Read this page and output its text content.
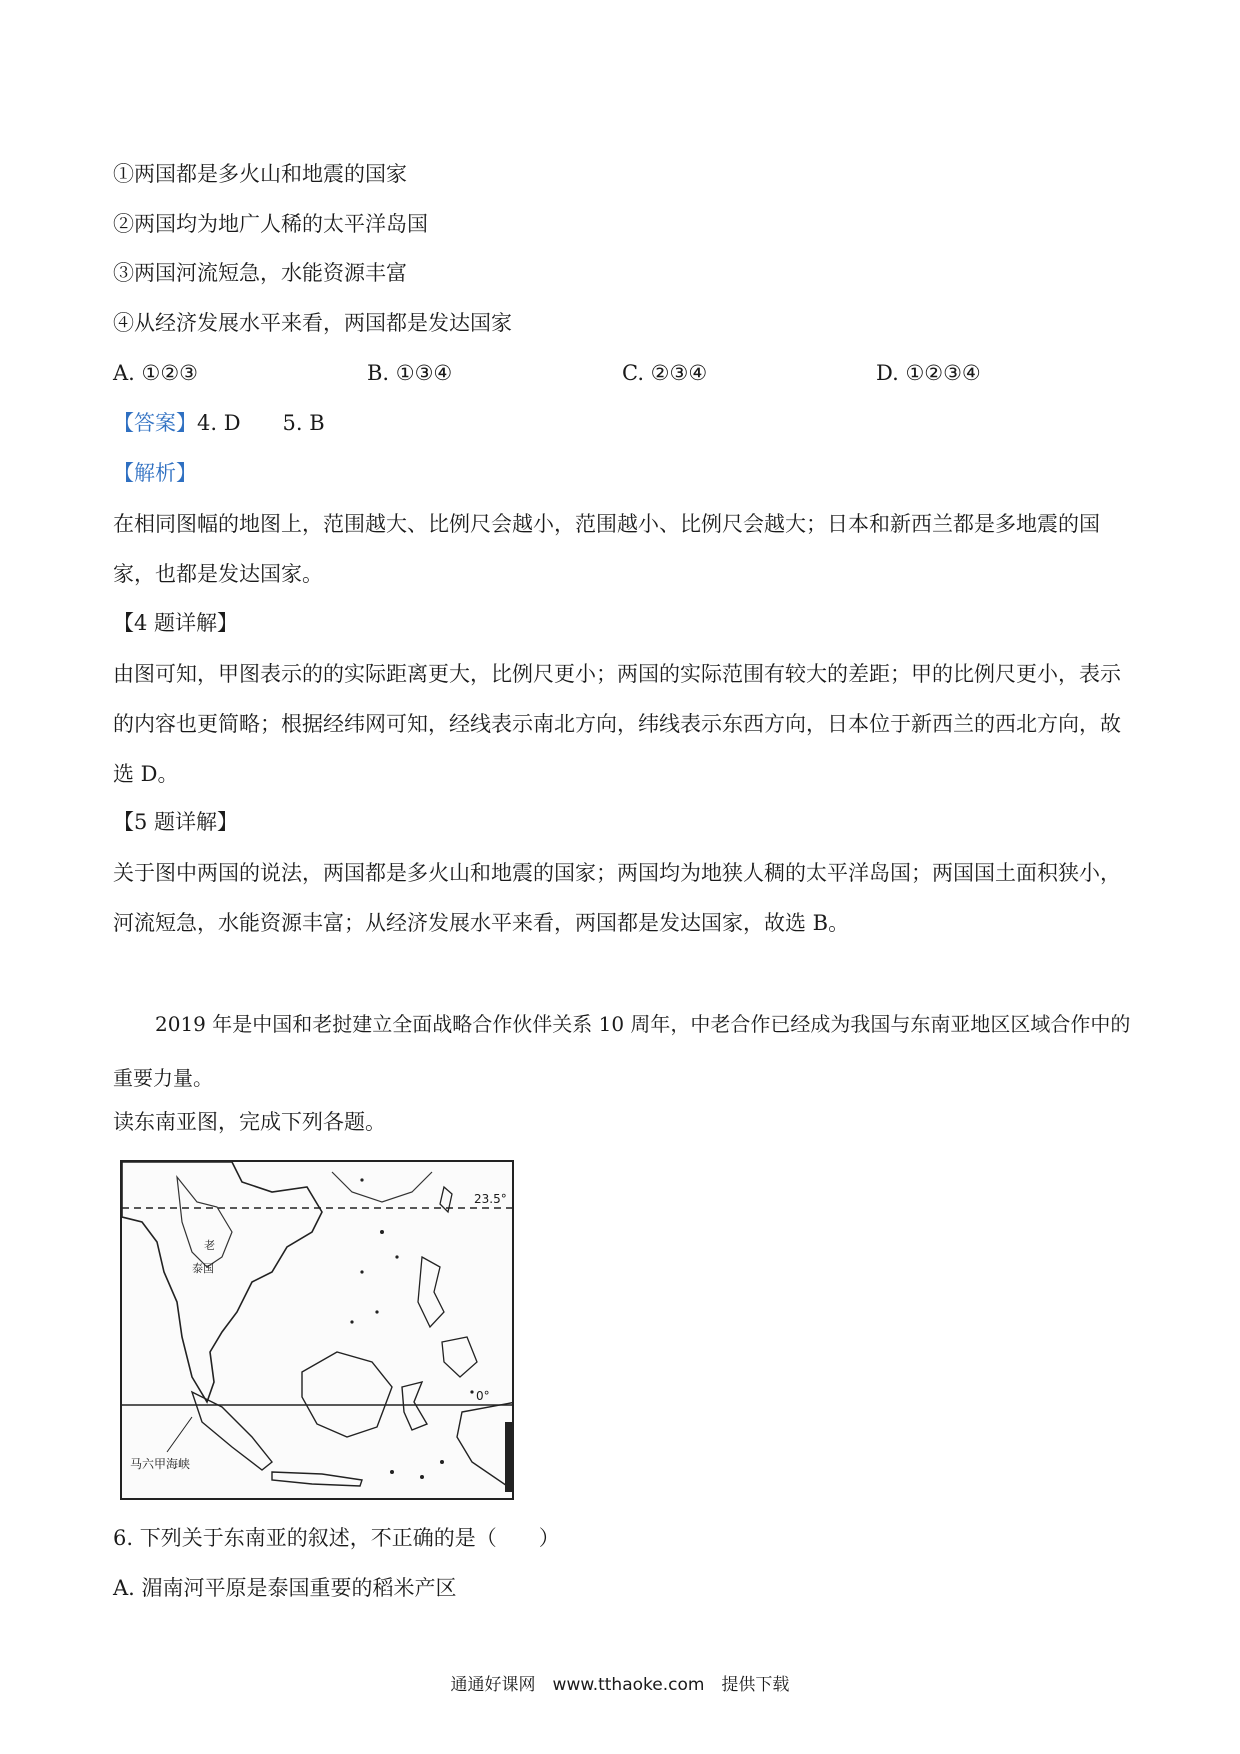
①两国都是多火山和地震的国家
②两国均为地广人稀的太平洋岛国
③两国河流短急，水能资源丰富
④从经济发展水平来看，两国都是发达国家
A. ①②③	B. ①③④	C. ②③④	D. ①②③④
【答案】4. D　　5. B
【解析】
在相同图幅的地图上，范围越大、比例尺会越小，范围越小、比例尺会越大；日本和新西兰都是多地震的国家，也都是发达国家。
【4 题详解】
由图可知，甲图表示的的实际距离更大，比例尺更小；两国的实际范围有较大的差距；甲的比例尺更小，表示的内容也更简略；根据经纬网可知，经线表示南北方向，纬线表示东西方向，日本位于新西兰的西北方向，故选 D。
【5 题详解】
关于图中两国的说法，两国都是多火山和地震的国家；两国均为地狭人稠的太平洋岛国；两国国土面积狭小，河流短急，水能资源丰富；从经济发展水平来看，两国都是发达国家，故选 B。
2019 年是中国和老挝建立全面战略合作伙伴关系 10 周年，中老合作已经成为我国与东南亚地区区域合作中的重要力量。
读东南亚图，完成下列各题。
23.5°
0°
老
泰国
马六甲海峡
6. 下列关于东南亚的叙述，不正确的是（　　）
A. 湄南河平原是泰国重要的稻米产区
通通好课网　www.tthaoke.com　提供下载
